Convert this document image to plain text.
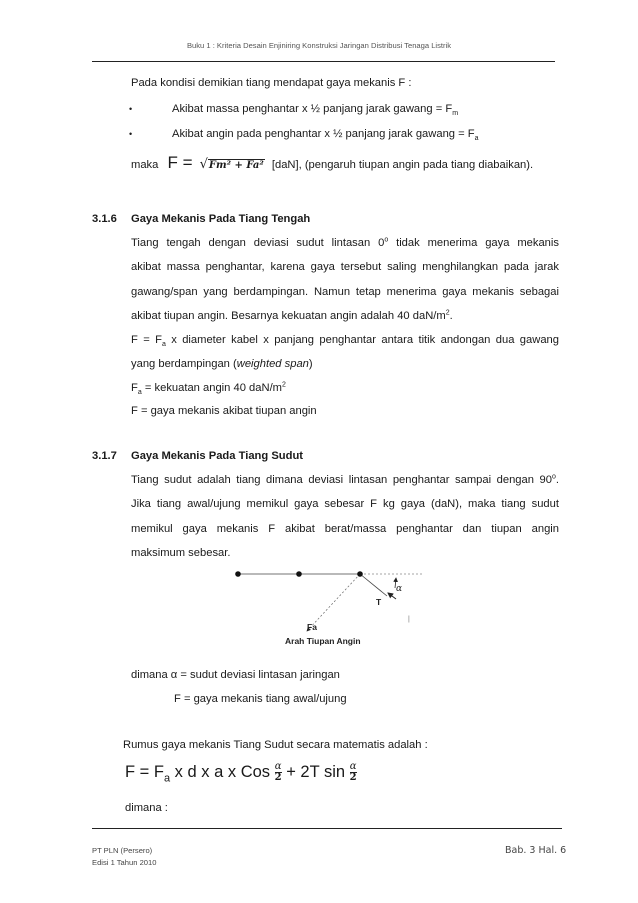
Buku 1 : Kriteria Desain Enjiniring Konstruksi Jaringan Distribusi Tenaga Listrik
Pada kondisi demikian tiang mendapat gaya mekanis F :
•	Akibat massa penghantar x ½ panjang jarak gawang = $F_m$
•	Akibat angin pada penghantar x ½ panjang jarak gawang = $F_a$
maka F = √Fm² + Fa² [daN], (pengaruh tiupan angin pada tiang diabaikan).
3.1.6 Gaya Mekanis Pada Tiang Tengah
Tiang tengah dengan deviasi sudut lintasan 0$^o$ tidak menerima gaya mekanis
akibat massa penghantar, karena gaya tersebut saling menghilangkan pada jarak
gawang/span yang berdampingan. Namun tetap menerima gaya mekanis sebagai
akibat tiupan angin. Besarnya kekuatan angin adalah 40 daN/$m^2$.
$F = F_a$ x diameter kabel x panjang penghantar antara titik andongan dua gawang
yang berdampingan (weighted span)
$F_a$ = kekuatan angin 40 daN/$m^2$
F = gaya mekanis akibat tiupan angin
3.1.7 Gaya Mekanis Pada Tiang Sudut
Tiang sudut adalah tiang dimana deviasi lintasan penghantar sampai dengan 90$^o$.
Jika tiang awal/ujung memikul gaya sebesar F kg gaya (daN), maka tiang sudut
memikul gaya mekanis F akibat berat/massa penghantar dan tiupan angin
maksimum sebesar.
α
T
Fa
Arah Tiupan Angin
|
dimana α = sudut deviasi lintasan jaringan
F = gaya mekanis tiang awal/ujung
Rumus gaya mekanis Tiang Sudut secara matematis adalah :
$F = F_a$ x d x a x Cos $\frac{\alpha}{2} + 2T$ $\sin \frac{\alpha}{2}$
dimana :
PT PLN (Persero)
Edisi 1 Tahun 2010
Bab. 3 Hal. 6
